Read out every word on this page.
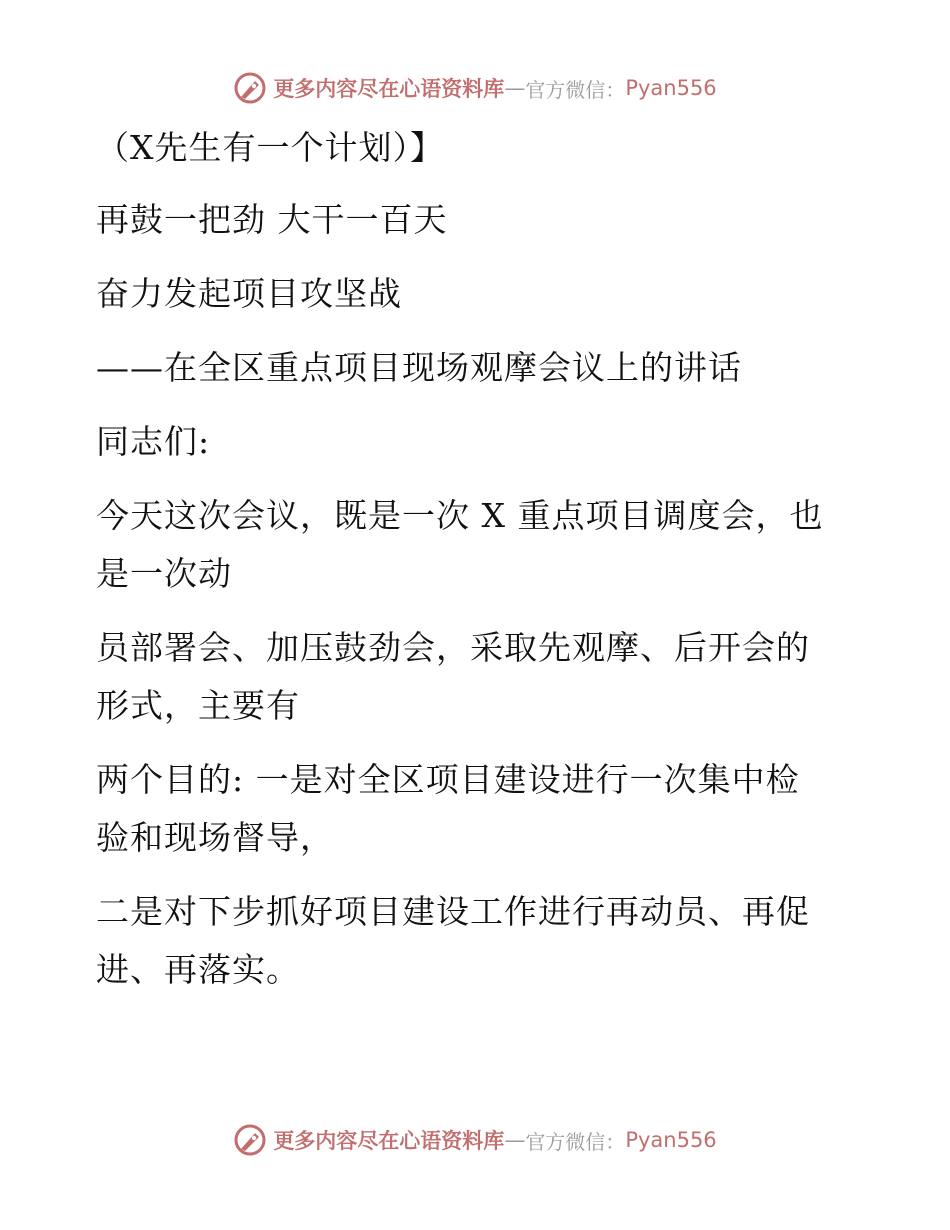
更多内容尽在心语资料库 — 官方微信： Pyan556
（X先生有一个计划）】
再鼓一把劲 大干一百天
奋力发起项目攻坚战
——在全区重点项目现场观摩会议上的讲话
同志们:
今天这次会议，既是一次 X 重点项目调度会，也
是一次动
员部署会、加压鼓劲会，采取先观摩、后开会的
形式，主要有
两个目的: 一是对全区项目建设进行一次集中检
验和现场督导，
二是对下步抓好项目建设工作进行再动员、再促
进、再落实。
更多内容尽在心语资料库 — 官方微信： Pyan556
